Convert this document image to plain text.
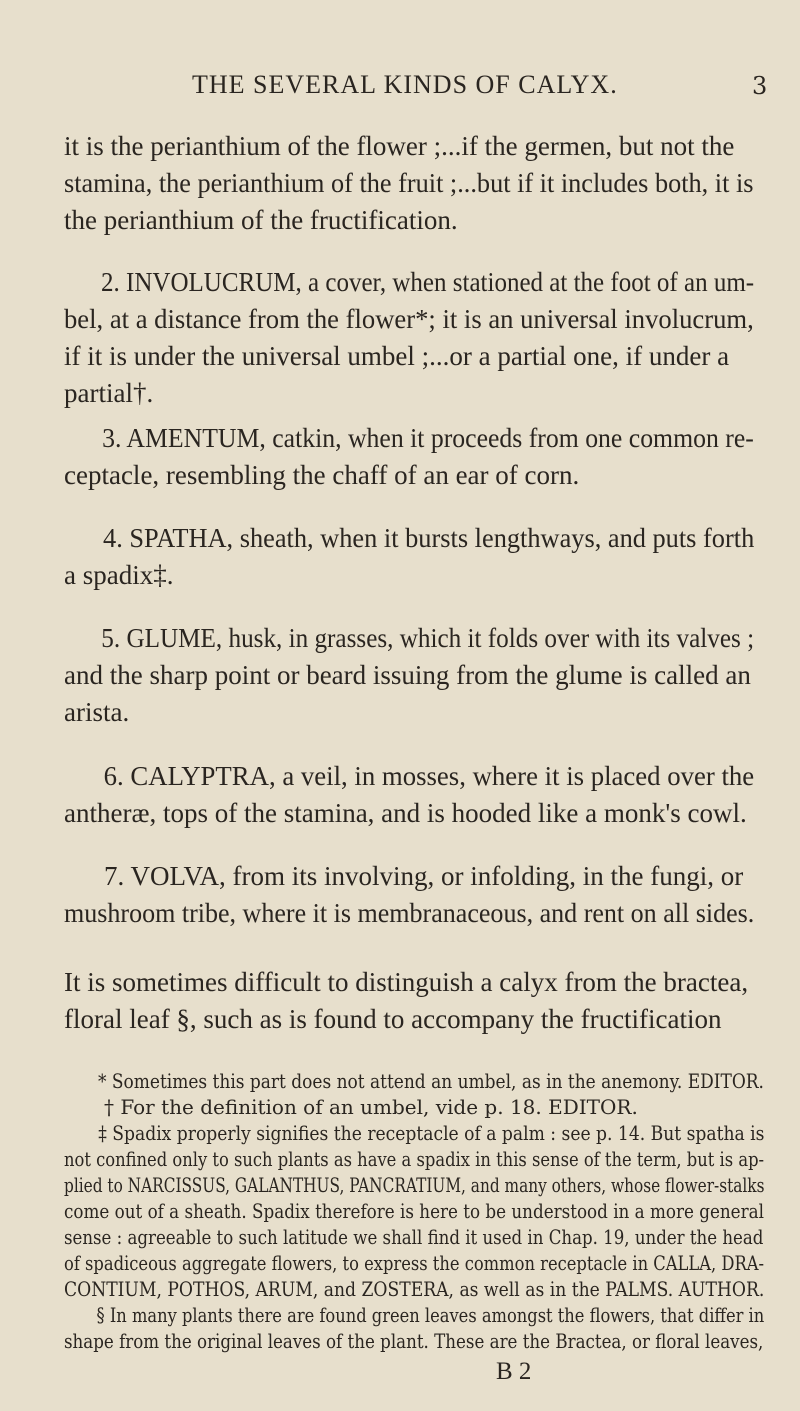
THE SEVERAL KINDS OF CALYX.	3

it is the perianthium of the flower ;...if the germen, but not the
stamina, the perianthium of the fruit ;...but if it includes both, it is
the perianthium of the fructification.

2. INVOLUCRUM, a cover, when stationed at the foot of an um-
bel, at a distance from the flower*; it is an universal involucrum,
if it is under the universal umbel ;...or a partial one, if under a
partial†.

3. AMENTUM, catkin, when it proceeds from one common re-
ceptacle, resembling the chaff of an ear of corn.

4. SPATHA, sheath, when it bursts lengthways, and puts forth
a spadix‡.

5. GLUME, husk, in grasses, which it folds over with its valves ;
and the sharp point or beard issuing from the glume is called an
arista.

6. CALYPTRA, a veil, in mosses, where it is placed over the
antheræ, tops of the stamina, and is hooded like a monk's cowl.

7. VOLVA, from its involving, or infolding, in the fungi, or
mushroom tribe, where it is membranaceous, and rent on all sides.

It is sometimes difficult to distinguish a calyx from the bractea,
floral leaf §, such as is found to accompany the fructification

* Sometimes this part does not attend an umbel, as in the anemony. EDITOR.
† For the definition of an umbel, vide p. 18. EDITOR.
‡ Spadix properly signifies the receptacle of a palm : see p. 14. But spatha is
not confined only to such plants as have a spadix in this sense of the term, but is ap-
plied to NARCISSUS, GALANTHUS, PANCRATIUM, and many others, whose flower-stalks
come out of a sheath. Spadix therefore is here to be understood in a more general
sense : agreeable to such latitude we shall find it used in Chap. 19, under the head
of spadiceous aggregate flowers, to express the common receptacle in CALLA, DRA-
CONTIUM, POTHOS, ARUM, and ZOSTERA, as well as in the PALMS. AUTHOR.
§ In many plants there are found green leaves amongst the flowers, that differ in
shape from the original leaves of the plant. These are the Bractea, or floral leaves,

B 2
